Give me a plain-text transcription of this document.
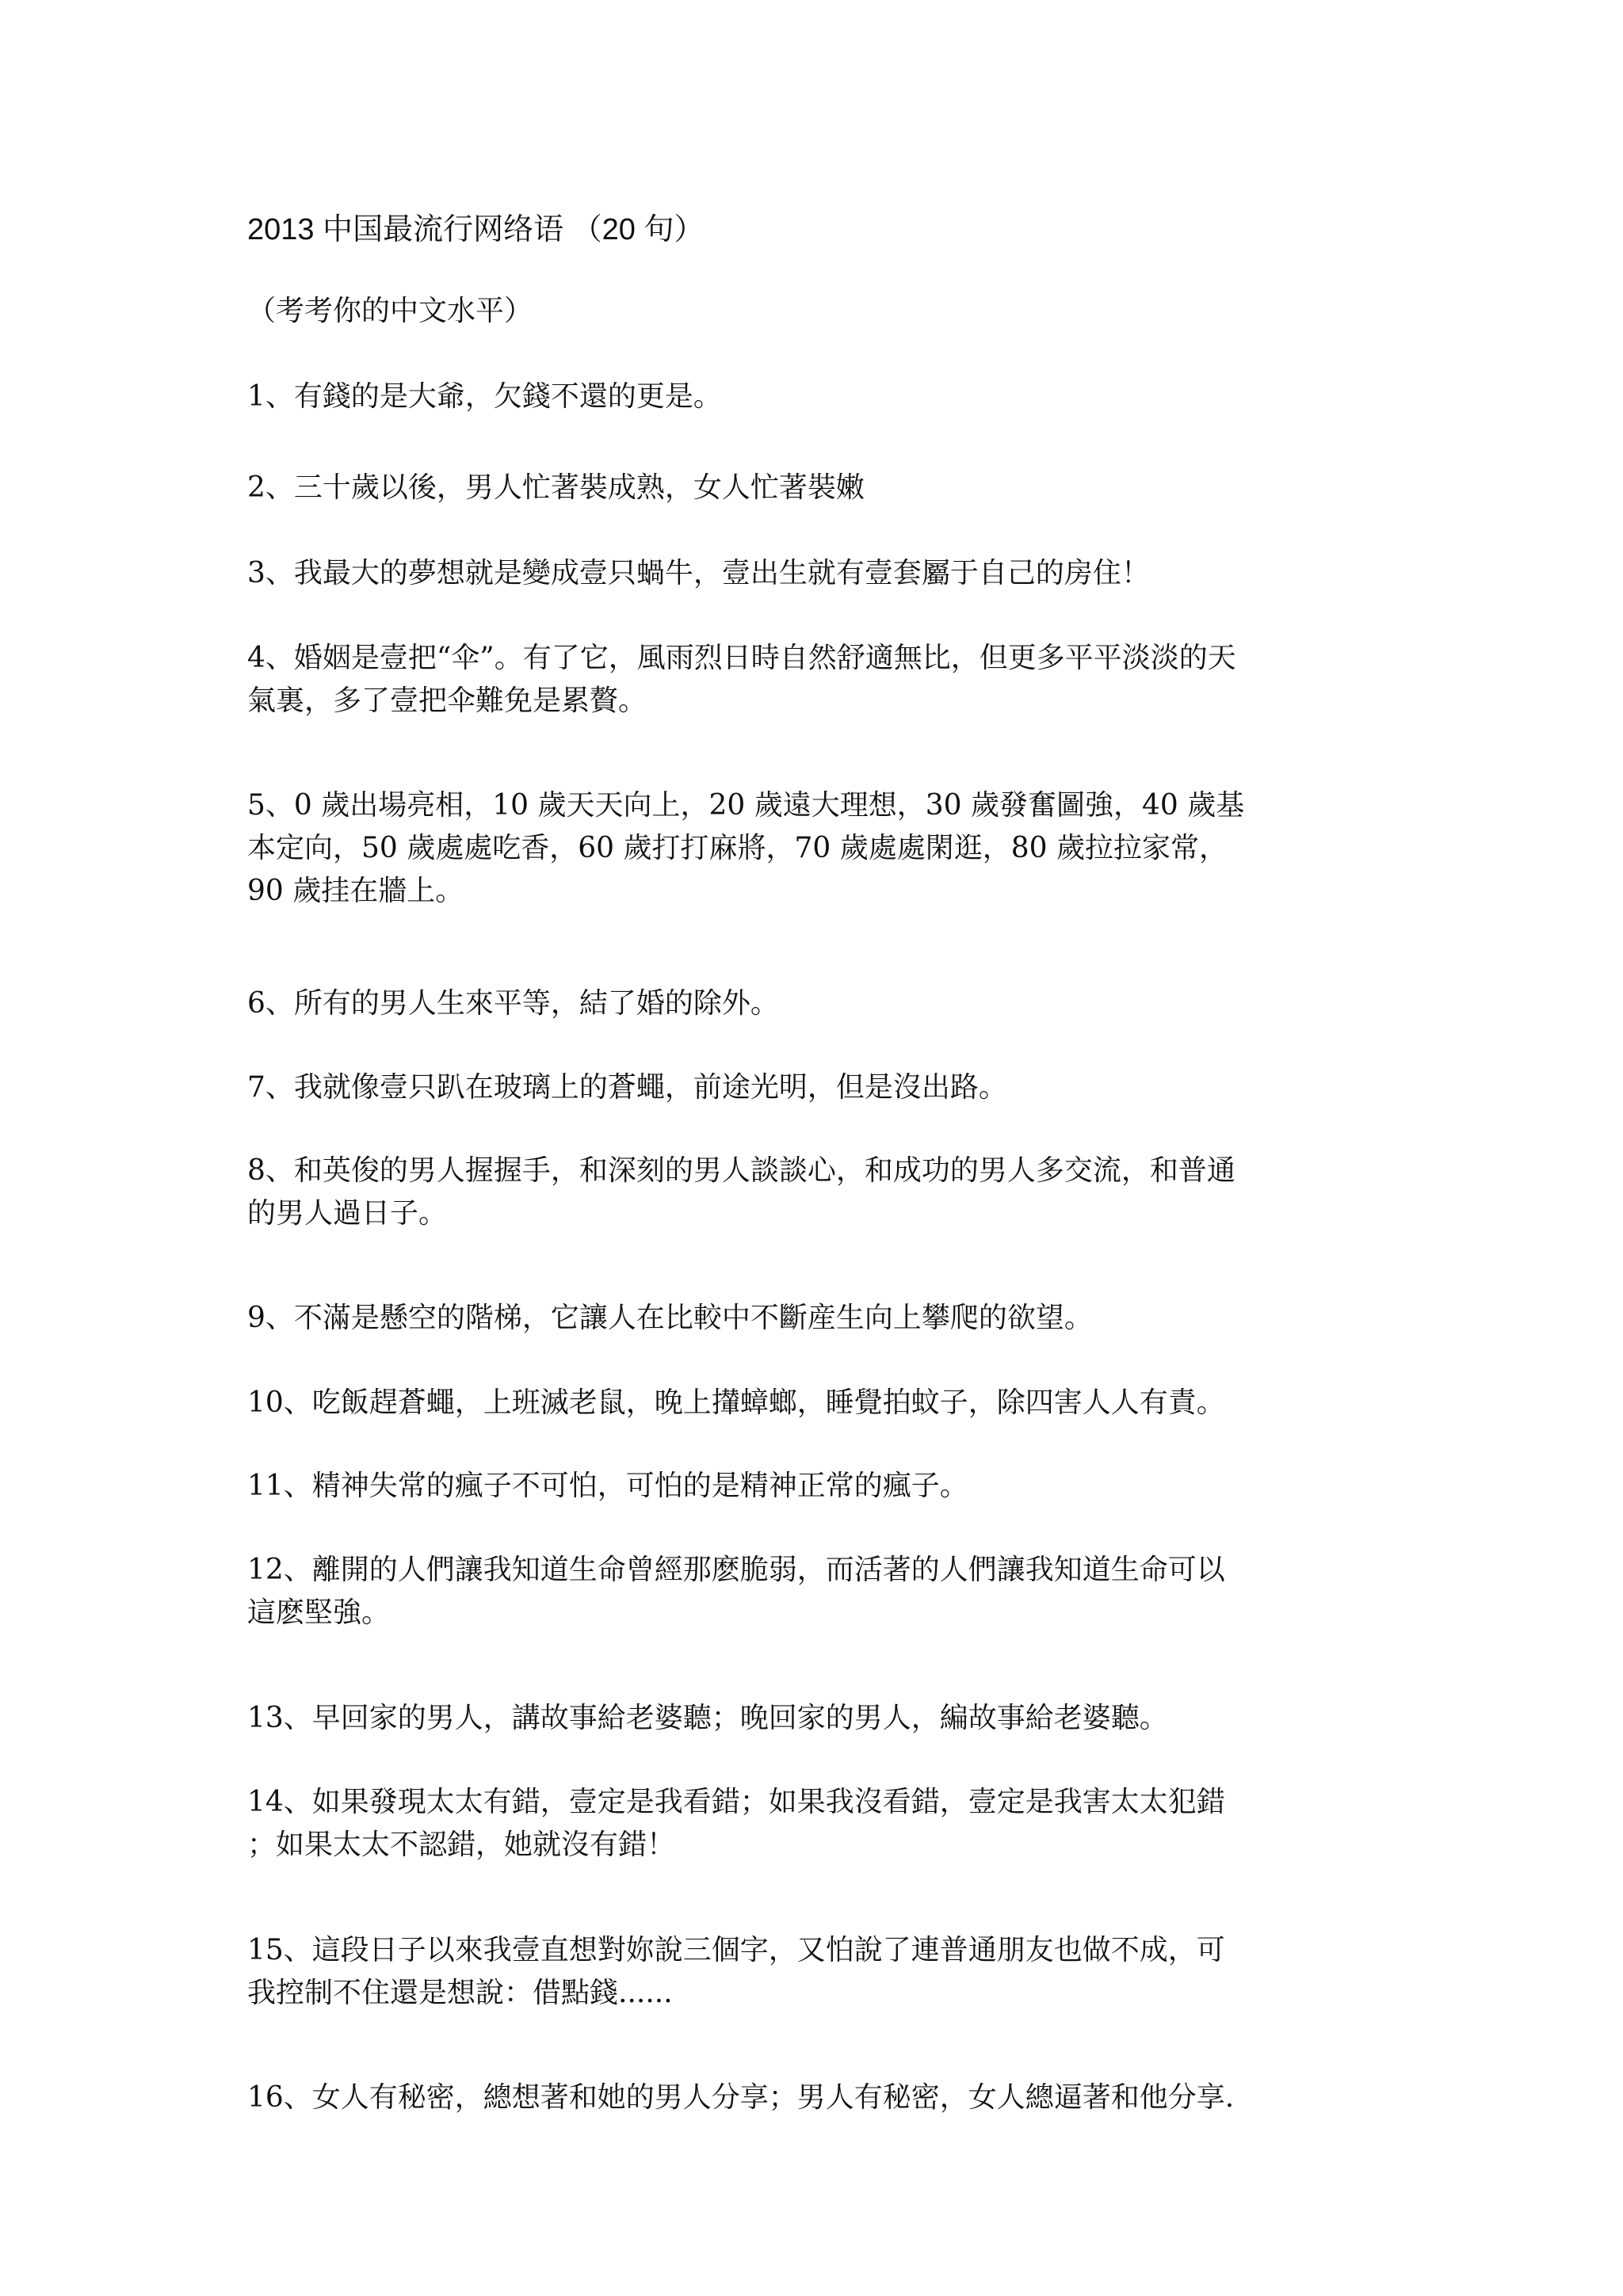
2013 中国最流行网络语 （20 句）

（考考你的中文水平）

1、有錢的是大爺，欠錢不還的更是。

2、三十歲以後，男人忙著裝成熟，女人忙著裝嫩

3、我最大的夢想就是變成壹只蝸牛，壹出生就有壹套屬于自己的房住！

4、婚姻是壹把“伞”。有了它，風雨烈日時自然舒適無比，但更多平平淡淡的天
氣裏，多了壹把伞難免是累贅。

5、0 歲出場亮相，10 歲天天向上，20 歲遠大理想，30 歲發奮圖強，40 歲基
本定向，50 歲處處吃香，60 歲打打麻將，70 歲處處閑逛，80 歲拉拉家常，
90 歲挂在牆上。

6、所有的男人生來平等，結了婚的除外。

7、我就像壹只趴在玻璃上的蒼蠅，前途光明，但是沒出路。

8、和英俊的男人握握手，和深刻的男人談談心，和成功的男人多交流，和普通
的男人過日子。

9、不滿是懸空的階梯，它讓人在比較中不斷産生向上攀爬的欲望。

10、吃飯趕蒼蠅，上班滅老鼠，晚上攆蟑螂，睡覺拍蚊子，除四害人人有責。

11、精神失常的瘋子不可怕，可怕的是精神正常的瘋子。

12、離開的人們讓我知道生命曾經那麽脆弱，而活著的人們讓我知道生命可以
這麽堅強。

13、早回家的男人，講故事給老婆聽；晚回家的男人，編故事給老婆聽。

14、如果發現太太有錯，壹定是我看錯；如果我沒看錯，壹定是我害太太犯錯
；如果太太不認錯，她就沒有錯！

15、這段日子以來我壹直想對妳說三個字，又怕說了連普通朋友也做不成，可
我控制不住還是想說：借點錢......

16、女人有秘密，總想著和她的男人分享；男人有秘密，女人總逼著和他分享.
